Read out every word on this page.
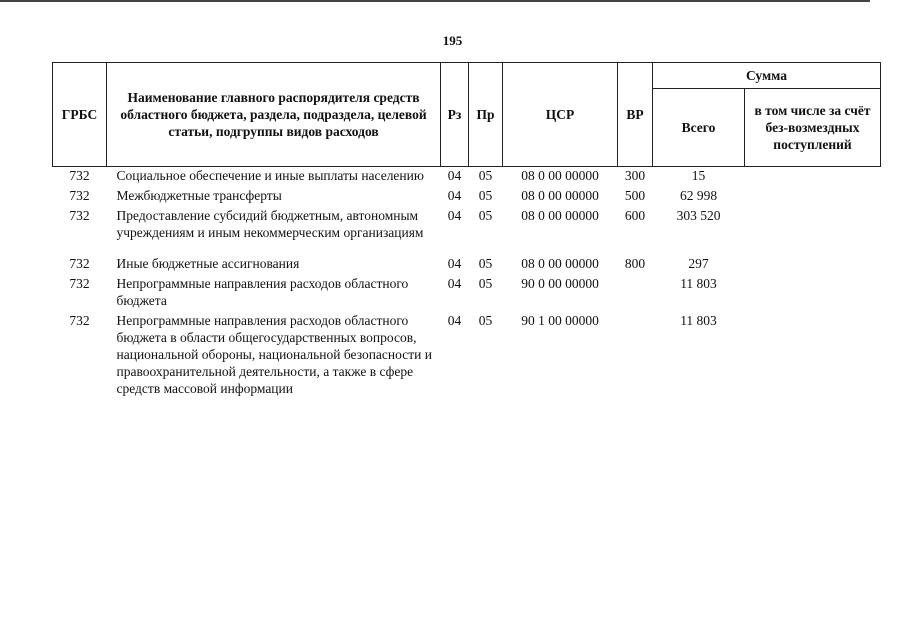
195
ГРБС	Наименование главного распорядителя средств областного бюджета, раздела, подраздела, целевой статьи, подгруппы видов расходов	Рз	Пр	ЦСР	ВР	Сумма	
						Всего	в том числе за счёт без-возмездных поступлений
732	Социальное обеспечение и иные выплаты населению	04	05	08 0 00 00000	300	15	
732	Межбюджетные трансферты	04	05	08 0 00 00000	500	62 998	
732	Предоставление субсидий бюджетным, автономным учреждениям и иным некоммерческим организациям	04	05	08 0 00 00000	600	303 520	
732	Иные бюджетные ассигнования	04	05	08 0 00 00000	800	297	
732	Непрограммные направления расходов областного бюджета	04	05	90 0 00 00000		11 803	
732	Непрограммные направления расходов областного бюджета в области общегосударственных вопросов, национальной обороны, национальной безопасности и правоохранительной деятельности, а также в сфере средств массовой информации	04	05	90 1 00 00000		11 803	
